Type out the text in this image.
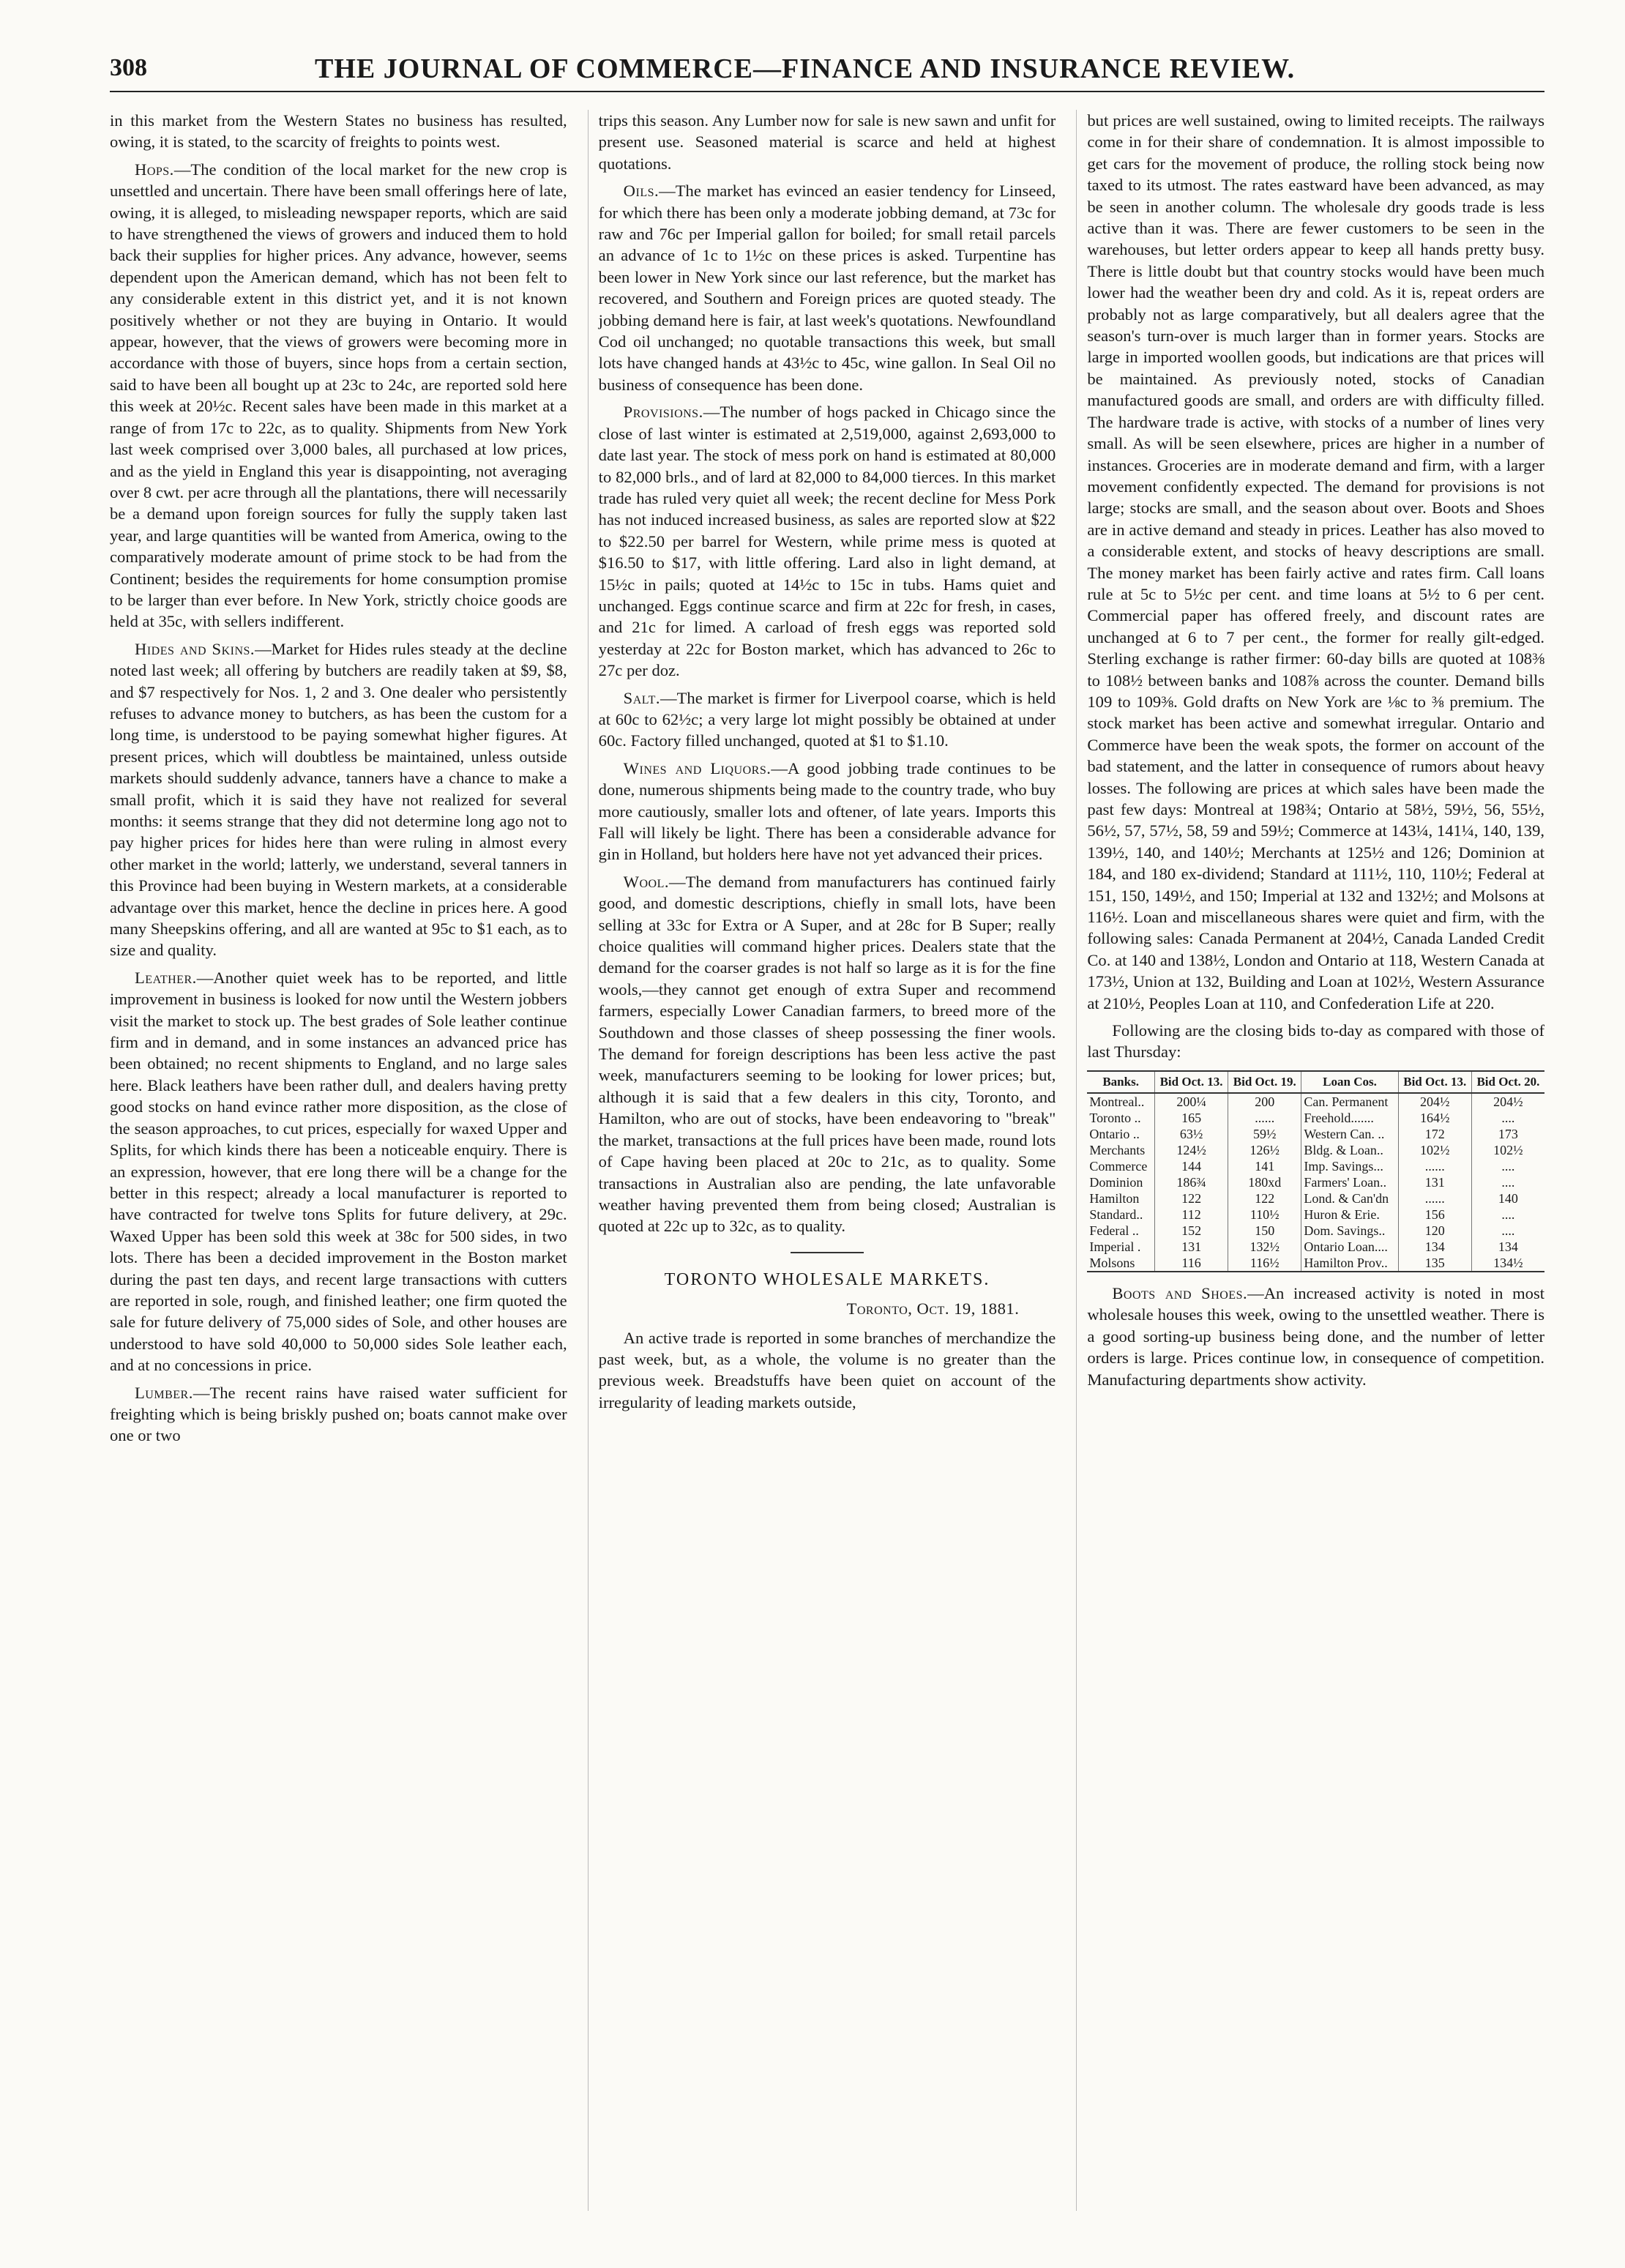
308	THE JOURNAL OF COMMERCE—FINANCE AND INSURANCE REVIEW.

in this market from the Western States no business has resulted, owing, it is stated, to the scarcity of freights to points west.

Hops.—The condition of the local market for the new crop is unsettled and uncertain. There have been small offerings here of late, owing, it is alleged, to misleading newspaper reports, which are said to have strengthened the views of growers and induced them to hold back their supplies for higher prices. Any advance, however, seems dependent upon the American demand, which has not been felt to any considerable extent in this district yet, and it is not known positively whether or not they are buying in Ontario. It would appear, however, that the views of growers were becoming more in accordance with those of buyers, since hops from a certain section, said to have been all bought up at 23c to 24c, are reported sold here this week at 20½c. Recent sales have been made in this market at a range of from 17c to 22c, as to quality. Shipments from New York last week comprised over 3,000 bales, all purchased at low prices, and as the yield in England this year is disappointing, not averaging over 8 cwt. per acre through all the plantations, there will necessarily be a demand upon foreign sources for fully the supply taken last year, and large quantities will be wanted from America, owing to the comparatively moderate amount of prime stock to be had from the Continent; besides the requirements for home consumption promise to be larger than ever before. In New York, strictly choice goods are held at 35c, with sellers indifferent.

Hides and Skins.—Market for Hides rules steady at the decline noted last week; all offering by butchers are readily taken at $9, $8, and $7 respectively for Nos. 1, 2 and 3. One dealer who persistently refuses to advance money to butchers, as has been the custom for a long time, is understood to be paying somewhat higher figures. At present prices, which will doubtless be maintained, unless outside markets should suddenly advance, tanners have a chance to make a small profit, which it is said they have not realized for several months: it seems strange that they did not determine long ago not to pay higher prices for hides here than were ruling in almost every other market in the world; latterly, we understand, several tanners in this Province had been buying in Western markets, at a considerable advantage over this market, hence the decline in prices here. A good many Sheepskins offering, and all are wanted at 95c to $1 each, as to size and quality.

Leather.—Another quiet week has to be reported, and little improvement in business is looked for now until the Western jobbers visit the market to stock up. The best grades of Sole leather continue firm and in demand, and in some instances an advanced price has been obtained; no recent shipments to England, and no large sales here. Black leathers have been rather dull, and dealers having pretty good stocks on hand evince rather more disposition, as the close of the season approaches, to cut prices, especially for waxed Upper and Splits, for which kinds there has been a noticeable enquiry. There is an expression, however, that ere long there will be a change for the better in this respect; already a local manufacturer is reported to have contracted for twelve tons Splits for future delivery, at 29c. Waxed Upper has been sold this week at 38c for 500 sides, in two lots. There has been a decided improvement in the Boston market during the past ten days, and recent large transactions with cutters are reported in sole, rough, and finished leather; one firm quoted the sale for future delivery of 75,000 sides of Sole, and other houses are understood to have sold 40,000 to 50,000 sides Sole leather each, and at no concessions in price.

Lumber.—The recent rains have raised water sufficient for freighting which is being briskly pushed on; boats cannot make over one or two

trips this season. Any Lumber now for sale is new sawn and unfit for present use. Seasoned material is scarce and held at highest quotations.

Oils.—The market has evinced an easier tendency for Linseed, for which there has been only a moderate jobbing demand, at 73c for raw and 76c per Imperial gallon for boiled; for small retail parcels an advance of 1c to 1½c on these prices is asked. Turpentine has been lower in New York since our last reference, but the market has recovered, and Southern and Foreign prices are quoted steady. The jobbing demand here is fair, at last week's quotations. Newfoundland Cod oil unchanged; no quotable transactions this week, but small lots have changed hands at 43½c to 45c, wine gallon. In Seal Oil no business of consequence has been done.

Provisions.—The number of hogs packed in Chicago since the close of last winter is estimated at 2,519,000, against 2,693,000 to date last year. The stock of mess pork on hand is estimated at 80,000 to 82,000 brls., and of lard at 82,000 to 84,000 tierces. In this market trade has ruled very quiet all week; the recent decline for Mess Pork has not induced increased business, as sales are reported slow at $22 to $22.50 per barrel for Western, while prime mess is quoted at $16.50 to $17, with little offering. Lard also in light demand, at 15½c in pails; quoted at 14½c to 15c in tubs. Hams quiet and unchanged. Eggs continue scarce and firm at 22c for fresh, in cases, and 21c for limed. A carload of fresh eggs was reported sold yesterday at 22c for Boston market, which has advanced to 26c to 27c per doz.

Salt.—The market is firmer for Liverpool coarse, which is held at 60c to 62½c; a very large lot might possibly be obtained at under 60c. Factory filled unchanged, quoted at $1 to $1.10.

Wines and Liquors.—A good jobbing trade continues to be done, numerous shipments being made to the country trade, who buy more cautiously, smaller lots and oftener, of late years. Imports this Fall will likely be light. There has been a considerable advance for gin in Holland, but holders here have not yet advanced their prices.

Wool.—The demand from manufacturers has continued fairly good, and domestic descriptions, chiefly in small lots, have been selling at 33c for Extra or A Super, and at 28c for B Super; really choice qualities will command higher prices. Dealers state that the demand for the coarser grades is not half so large as it is for the fine wools,—they cannot get enough of extra Super and recommend farmers, especially Lower Canadian farmers, to breed more of the Southdown and those classes of sheep possessing the finer wools. The demand for foreign descriptions has been less active the past week, manufacturers seeming to be looking for lower prices; but, although it is said that a few dealers in this city, Toronto, and Hamilton, who are out of stocks, have been endeavoring to "break" the market, transactions at the full prices have been made, round lots of Cape having been placed at 20c to 21c, as to quality. Some transactions in Australian also are pending, the late unfavorable weather having prevented them from being closed; Australian is quoted at 22c up to 32c, as to quality.

TORONTO WHOLESALE MARKETS.
Toronto, Oct. 19, 1881.

An active trade is reported in some branches of merchandize the past week, but, as a whole, the volume is no greater than the previous week. Breadstuffs have been quiet on account of the irregularity of leading markets outside,

but prices are well sustained, owing to limited receipts. The railways come in for their share of condemnation. It is almost impossible to get cars for the movement of produce, the rolling stock being now taxed to its utmost. The rates eastward have been advanced, as may be seen in another column. The wholesale dry goods trade is less active than it was. There are fewer customers to be seen in the warehouses, but letter orders appear to keep all hands pretty busy. There is little doubt but that country stocks would have been much lower had the weather been dry and cold. As it is, repeat orders are probably not as large comparatively, but all dealers agree that the season's turn-over is much larger than in former years. Stocks are large in imported woollen goods, but indications are that prices will be maintained. As previously noted, stocks of Canadian manufactured goods are small, and orders are with difficulty filled. The hardware trade is active, with stocks of a number of lines very small. As will be seen elsewhere, prices are higher in a number of instances. Groceries are in moderate demand and firm, with a larger movement confidently expected. The demand for provisions is not large; stocks are small, and the season about over. Boots and Shoes are in active demand and steady in prices. Leather has also moved to a considerable extent, and stocks of heavy descriptions are small. The money market has been fairly active and rates firm. Call loans rule at 5c to 5½c per cent. and time loans at 5½ to 6 per cent. Commercial paper has offered freely, and discount rates are unchanged at 6 to 7 per cent., the former for really gilt-edged. Sterling exchange is rather firmer: 60-day bills are quoted at 108⅜ to 108½ between banks and 108⅞ across the counter. Demand bills 109 to 109⅜. Gold drafts on New York are ⅛c to ⅜ premium. The stock market has been active and somewhat irregular. Ontario and Commerce have been the weak spots, the former on account of the bad statement, and the latter in consequence of rumors about heavy losses. The following are prices at which sales have been made the past few days: Montreal at 198¾; Ontario at 58½, 59½, 56, 55½, 56½, 57, 57½, 58, 59 and 59½; Commerce at 143¼, 141¼, 140, 139, 139½, 140, and 140½; Merchants at 125½ and 126; Dominion at 184, and 180 ex-dividend; Standard at 111½, 110, 110½; Federal at 151, 150, 149½, and 150; Imperial at 132 and 132½; and Molsons at 116½. Loan and miscellaneous shares were quiet and firm, with the following sales: Canada Permanent at 204½, Canada Landed Credit Co. at 140 and 138½, London and Ontario at 118, Western Canada at 173½, Union at 132, Building and Loan at 102½, Western Assurance at 210½, Peoples Loan at 110, and Confederation Life at 220.

Following are the closing bids to-day as compared with those of last Thursday:

Banks.	Bid Oct. 13.	Bid Oct. 19.	Loan Cos.	Bid Oct. 13.	Bid Oct. 20.
Montreal..	200¼	200	Can. Permanent	204½	204½
Toronto ..	165	......	Freehold.......	164½	....
Ontario ..	63½	59½	Western Can. ..	172	173
Merchants	124½	126½	Bldg. & Loan..	102½	102½
Commerce	144	141	Imp. Savings...	......	....
Dominion	186¾	180xd	Farmers' Loan..	131	....
Hamilton	122	122	Lond. & Can'dn	......	140
Standard..	112	110½	Huron & Erie.	156	....
Federal ..	152	150	Dom. Savings..	120	....
Imperial .	131	132½	Ontario Loan....	134	134
Molsons	116	116½	Hamilton Prov..	135	134½

Boots and Shoes.—An increased activity is noted in most wholesale houses this week, owing to the unsettled weather. There is a good sorting-up business being done, and the number of letter orders is large. Prices continue low, in consequence of competition. Manufacturing departments show activity.
